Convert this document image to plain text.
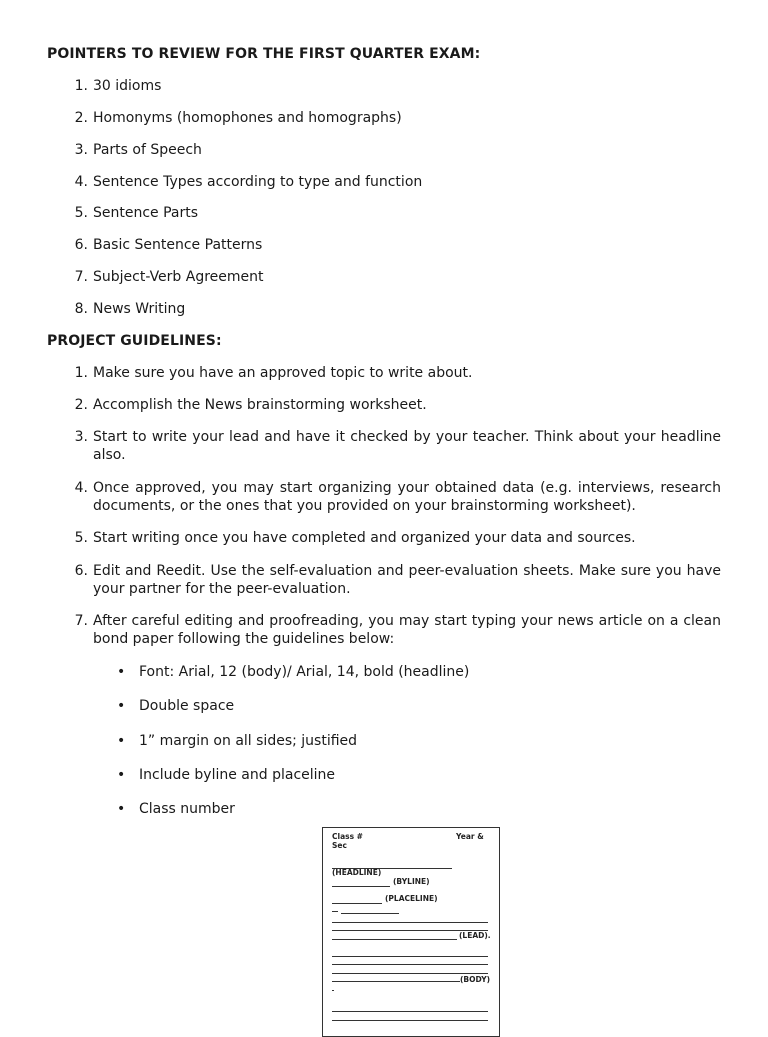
POINTERS TO REVIEW FOR THE FIRST QUARTER EXAM:
1. 30 idioms
2. Homonyms (homophones and homographs)
3. Parts of Speech
4. Sentence Types according to type and function
5. Sentence Parts
6. Basic Sentence Patterns
7. Subject-Verb Agreement
8. News Writing
PROJECT GUIDELINES:
1. Make sure you have an approved topic to write about.
2. Accomplish the News brainstorming worksheet.
3. Start to write your lead and have it checked by your teacher. Think about your headline also.
4. Once approved, you may start organizing your obtained data (e.g. interviews, research documents, or the ones that you provided on your brainstorming worksheet).
5. Start writing once you have completed and organized your data and sources.
6. Edit and Reedit. Use the self-evaluation and peer-evaluation sheets. Make sure you have your partner for the peer-evaluation.
7. After careful editing and proofreading, you may start typing your news article on a clean bond paper following the guidelines below:
• Font: Arial, 12 (body)/ Arial, 14, bold (headline)
• Double space
• 1” margin on all sides; justified
• Include byline and placeline
• Class number
Class #	Year &
Sec
(HEADLINE)
(BYLINE)
(PLACELINE)
(LEAD).
(BODY)
